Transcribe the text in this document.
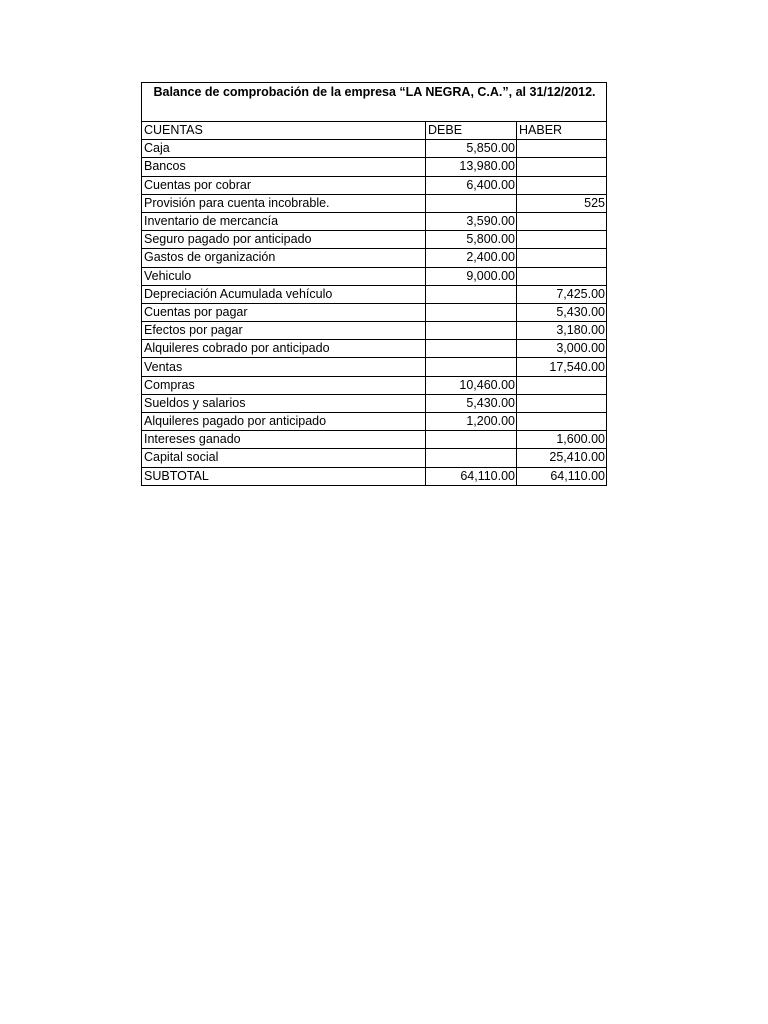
Balance de comprobación de la empresa “LA NEGRA, C.A.”, al 31/12/2012.		
CUENTAS	DEBE	HABER
Caja	5,850.00	
Bancos	13,980.00	
Cuentas por cobrar	6,400.00	
Provisión para cuenta incobrable.		525
Inventario de mercancía	3,590.00	
Seguro pagado por anticipado	5,800.00	
Gastos de organización	2,400.00	
Vehiculo	9,000.00	
Depreciación Acumulada vehículo		7,425.00
Cuentas por pagar		5,430.00
Efectos por pagar		3,180.00
Alquileres cobrado por anticipado		3,000.00
Ventas		17,540.00
Compras	10,460.00	
Sueldos y salarios	5,430.00	
Alquileres pagado por anticipado	1,200.00	
Intereses ganado		1,600.00
Capital social		25,410.00
SUBTOTAL	64,110.00	64,110.00
